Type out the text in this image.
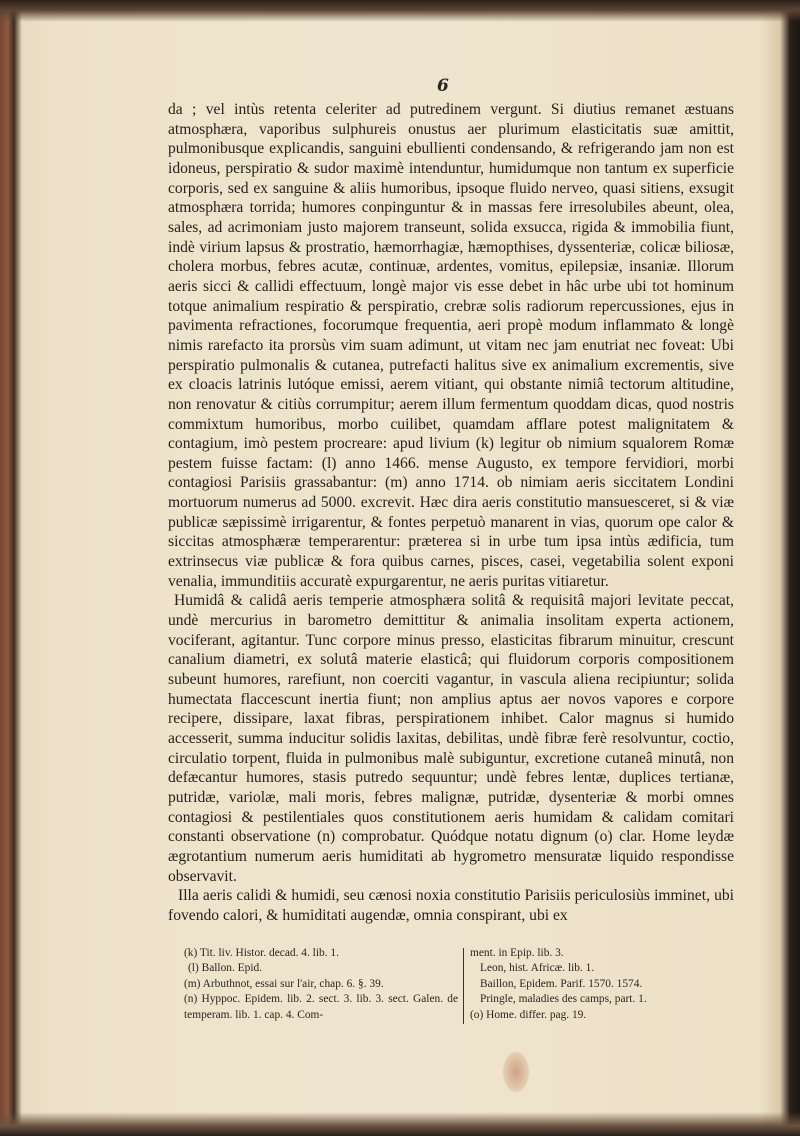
6

da ; vel intùs retenta celeriter ad putredinem vergunt. Si diutius remanet æstuans atmosphæra, vaporibus sulphureis onustus aer plurimum elasticitatis suæ amittit, pulmonibusque explicandis, sanguini ebullienti condensando, & refrigerando jam non est idoneus, perspiratio & sudor maximè intenduntur, humidumque non tantum ex superficie corporis, sed ex sanguine & aliis humoribus, ipsoque fluido nerveo, quasi sitiens, exsugit atmosphæra torrida; humores conpinguntur & in massas fere irresolubiles abeunt, olea, sales, ad acrimoniam justo majorem transeunt, solida exsucca, rigida & immobilia fiunt, indè virium lapsus & prostratio, hæmorrhagiæ, hæmopthises, dyssenteriæ, colicæ biliosæ, cholera morbus, febres acutæ, continuæ, ardentes, vomitus, epilepsiæ, insaniæ. Illorum aeris sicci & callidi effectuum, longè major vis esse debet in hâc urbe ubi tot hominum totque animalium respiratio & perspiratio, crebræ solis radiorum repercussiones, ejus in pavimenta refractiones, focorumque frequentia, aeri propè modum inflammato & longè nimis rarefacto ita prorsùs vim suam adimunt, ut vitam nec jam enutriat nec foveat: Ubi perspiratio pulmonalis & cutanea, putrefacti halitus sive ex animalium excrementis, sive ex cloacis latrinis lutóque emissi, aerem vitiant, qui obstante nimiâ tectorum altitudine, non renovatur & citiùs corrumpitur; aerem illum fermentum quoddam dicas, quod nostris commixtum humoribus, morbo cuilibet, quamdam afflare potest malignitatem & contagium, imò pestem procreare: apud livium (k) legitur ob nimium squalorem Romæ pestem fuisse factam: (l) anno 1466. mense Augusto, ex tempore fervidiori, morbi contagiosi Parisiis grassabantur: (m) anno 1714. ob nimiam aeris siccitatem Londini mortuorum numerus ad 5000. excrevit. Hæc dira aeris constitutio mansuesceret, si & viæ publicæ sæpissimè irrigarentur, & fontes perpetuò manarent in vias, quorum ope calor & siccitas atmosphæræ temperarentur: præterea si in urbe tum ipsa intùs ædificia, tum extrinsecus viæ publicæ & fora quibus carnes, pisces, casei, vegetabilia solent exponi venalia, immunditiis accuratè expurgarentur, ne aeris puritas vitiaretur.

Humidâ & calidâ aeris temperie atmosphæra solitâ & requisitâ majori levitate peccat, undè mercurius in barometro demittitur & animalia insolitam experta actionem, vociferant, agitantur. Tunc corpore minus presso, elasticitas fibrarum minuitur, crescunt canalium diametri, ex solutâ materie elasticâ; qui fluidorum corporis compositionem subeunt humores, rarefiunt, non coerciti vagantur, in vascula aliena recipiuntur; solida humectata flaccescunt inertia fiunt; non amplius aptus aer novos vapores e corpore recipere, dissipare, laxat fibras, perspirationem inhibet. Calor magnus si humido accesserit, summa inducitur solidis laxitas, debilitas, undè fibræ ferè resolvuntur, coctio, circulatio torpent, fluida in pulmonibus malè subiguntur, excretione cutaneâ minutâ, non defæcantur humores, stasis putredo sequuntur; undè febres lentæ, duplices tertianæ, putridæ, variolæ, mali moris, febres malignæ, putridæ, dysenteriæ & morbi omnes contagiosi & pestilentiales quos constitutionem aeris humidam & calidam comitari constanti observatione (n) comprobatur. Quódque notatu dignum (o) clar. Home leydæ ægrotantium numerum aeris humiditati ab hygrometro mensuratæ liquido respondisse observavit.

Illa aeris calidi & humidi, seu cænosi noxia constitutio Parisiis periculosiùs imminet, ubi fovendo calori, & humiditati augendæ, omnia conspirant, ubi ex

(k) Tit. liv. Histor. decad. 4. lib. 1.
(l) Ballon. Epid.
(m) Arbuthnot, essai sur l'air, chap. 6. §. 39.
(n) Hyppoc. Epidem. lib. 2. sect. 3. lib. 3. sect. Galen. de temperam. lib. 1. cap. 4. Com-
ment. in Epip. lib. 3.
Leon, hist. Africæ. lib. 1.
Baillon, Epidem. Parif. 1570. 1574.
Pringle, maladies des camps, part. 1.
(o) Home. differ. pag. 19.
